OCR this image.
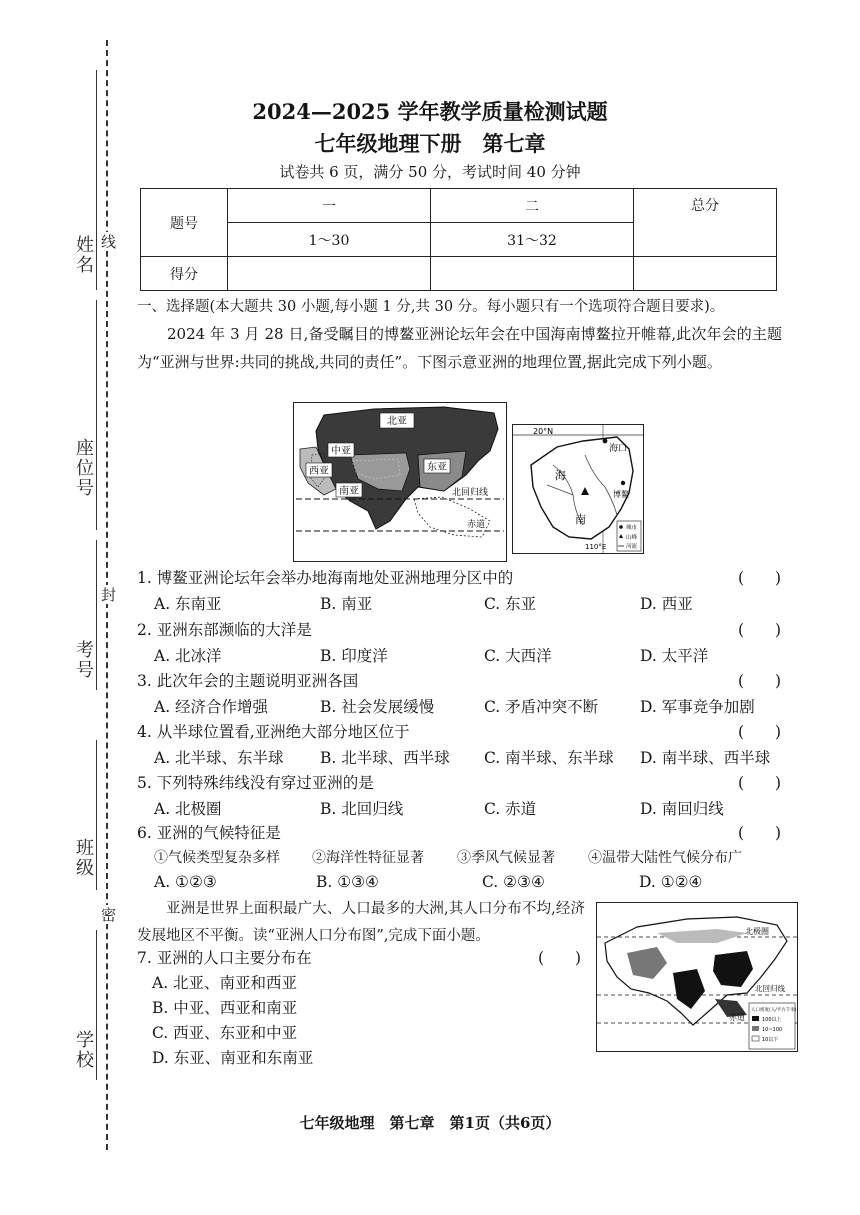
姓名
座位号
考号
班级
学校
线
封
密
2024—2025 学年教学质量检测试题
七年级地理下册　第七章
试卷共 6 页，满分 50 分，考试时间 40 分钟
题号	一	二	总分
	1～30	31～32	
得分			
一、选择题(本大题共 30 小题,每小题 1 分,共 30 分。每小题只有一个选项符合题目要求)。
2024 年 3 月 28 日,备受瞩目的博鳌亚洲论坛年会在中国海南博鳌拉开帷幕,此次年会的主题为“亚洲与世界:共同的挑战,共同的责任”。下图示意亚洲的地理位置,据此完成下列小题。
北亚
中亚
西亚	东亚
南亚	北回归线
赤道
20°N
海口
海
南
博鳌
110°E
城市
山峰
河流
1. 博鳌亚洲论坛年会举办地海南地处亚洲地理分区中的	(　　)
A. 东南亚	B. 南亚	C. 东亚	D. 西亚
2. 亚洲东部濒临的大洋是	(　　)
A. 北冰洋	B. 印度洋	C. 大西洋	D. 太平洋
3. 此次年会的主题说明亚洲各国	(　　)
A. 经济合作增强	B. 社会发展缓慢	C. 矛盾冲突不断	D. 军事竞争加剧
4. 从半球位置看,亚洲绝大部分地区位于	(　　)
A. 北半球、东半球 B. 北半球、西半球 C. 南半球、东半球 D. 南半球、西半球
5. 下列特殊纬线没有穿过亚洲的是	(　　)
A. 北极圈	B. 北回归线	C. 赤道	D. 南回归线
6. 亚洲的气候特征是	(　　)
①气候类型复杂多样 ②海洋性特征显著 ③季风气候显著 ④温带大陆性气候分布广
A. ①②③	B. ①③④	C. ②③④	D. ①②④
亚洲是世界上面积最广大、人口最多的大洲,其人口分布不均,经济发展地区不平衡。读“亚洲人口分布图”,完成下面小题。
7. 亚洲的人口主要分布在	(　　)
A. 北亚、南亚和西亚
B. 中亚、西亚和南亚
C. 西亚、东亚和中亚
D. 东亚、南亚和东南亚
北极圈
北回归线
赤道
人口密度(人/平方千米)
100以上
10~100
10以下
七年级地理　第七章　第1页（共6页）
